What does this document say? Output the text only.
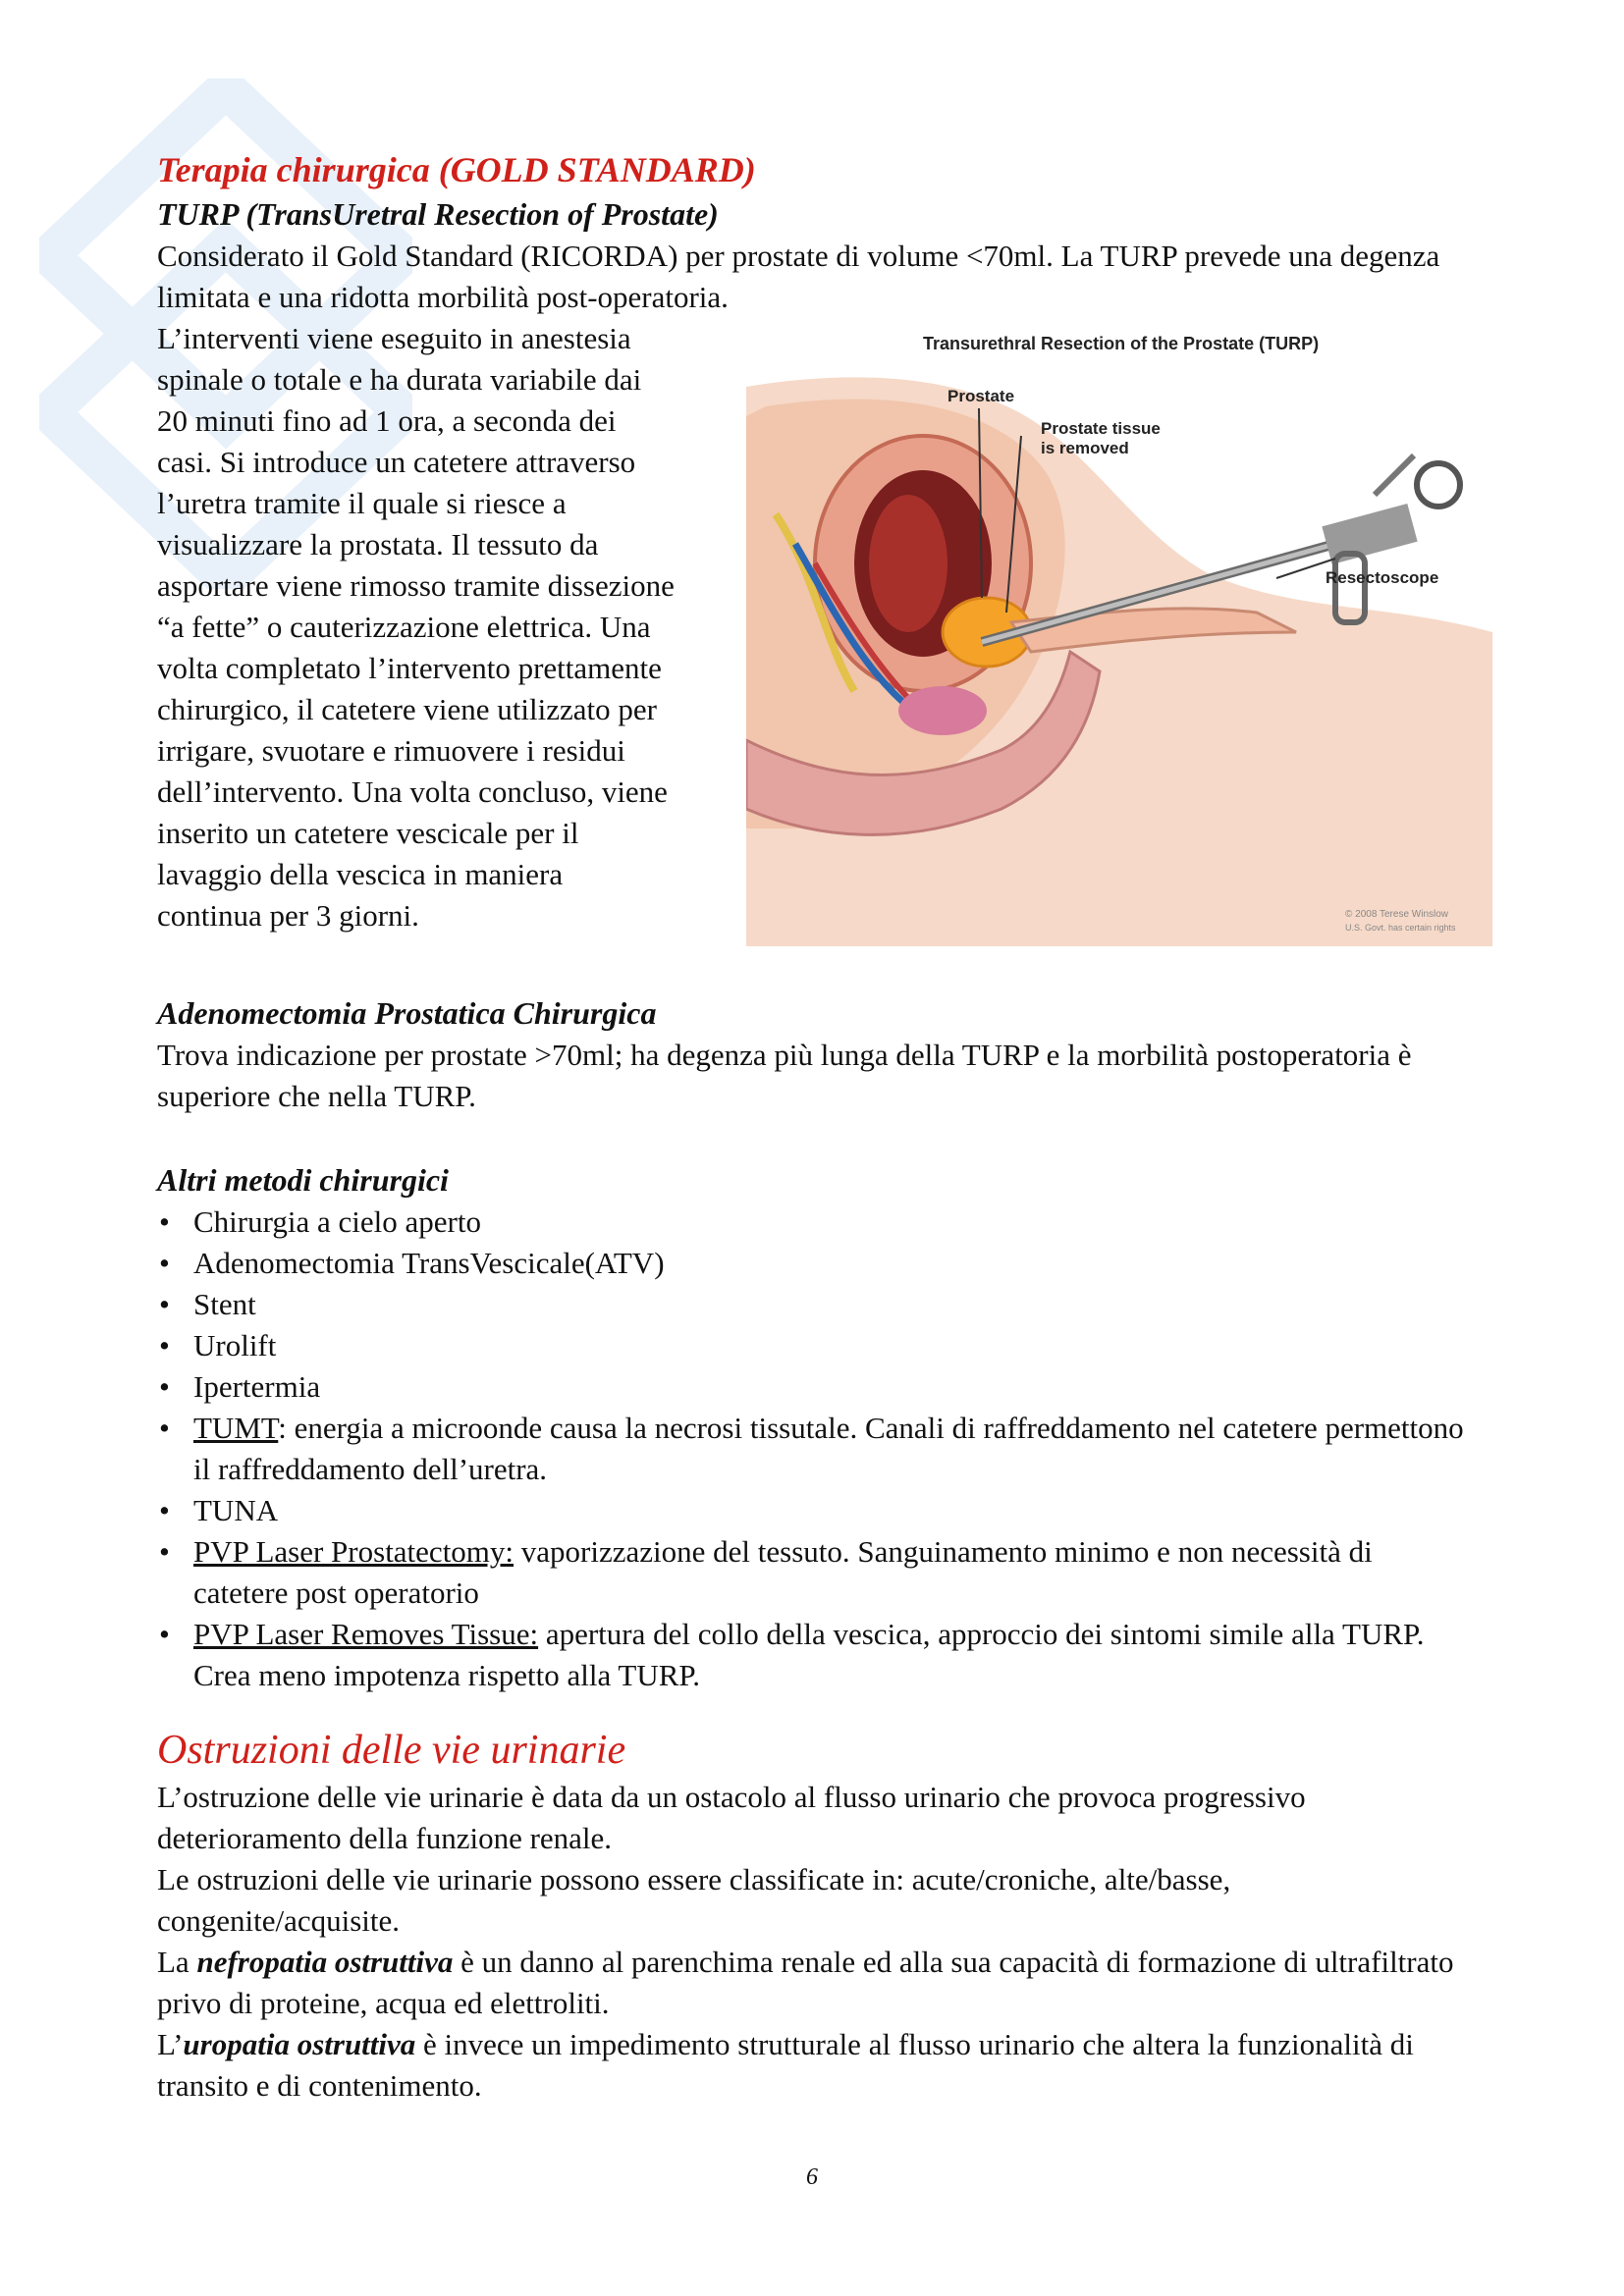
Terapia chirurgica (GOLD STANDARD)
TURP (TransUretral Resection of Prostate)

Considerato il Gold Standard (RICORDA) per prostate di volume <70ml. La TURP prevede una degenza limitata e una ridotta morbilità post-operatoria.

L’interventi viene eseguito in anestesia
spinale o totale e ha durata variabile dai
20 minuti fino ad 1 ora, a seconda dei
casi. Si introduce un catetere attraverso
l’uretra tramite il quale si riesce a
visualizzare la prostata. Il tessuto da
asportare viene rimosso tramite dissezione
“a fette” o cauterizzazione elettrica. Una
volta completato l’intervento prettamente
chirurgico, il catetere viene utilizzato per
irrigare, svuotare e rimuovere i residui
dell’intervento. Una volta concluso, viene
inserito un catetere vescicale per il
lavaggio della vescica in maniera
continua per 3 giorni.
Transurethral Resection of the Prostate (TURP)
Prostate
Prostate tissue
is removed
Resectoscope
© 2008 Terese Winslow
U.S. Govt. has certain rights
Adenomectomia Prostatica Chirurgica

Trova indicazione per prostate >70ml; ha degenza più lunga della TURP e la morbilità postoperatoria è superiore che nella TURP.

Altri metodi chirurgici
• Chirurgia a cielo aperto
• Adenomectomia TransVescicale(ATV)
• Stent
• Urolift
• Ipertermia
• TUMT: energia a microonde causa la necrosi tissutale. Canali di raffreddamento nel catetere permettono il raffreddamento dell’uretra.
• TUNA
• PVP Laser Prostatectomy: vaporizzazione del tessuto. Sanguinamento minimo e non necessità di catetere post operatorio
• PVP Laser Removes Tissue: apertura del collo della vescica, approccio dei sintomi simile alla TURP. Crea meno impotenza rispetto alla TURP.
Ostruzioni delle vie urinarie

L’ostruzione delle vie urinarie è data da un ostacolo al flusso urinario che provoca progressivo deterioramento della funzione renale.

Le ostruzioni delle vie urinarie possono essere classificate in: acute/croniche, alte/basse, congenite/acquisite.

La nefropatia ostruttiva è un danno al parenchima renale ed alla sua capacità di formazione di ultrafiltrato privo di proteine, acqua ed elettroliti.

L’uropatia ostruttiva è invece un impedimento strutturale al flusso urinario che altera la funzionalità di transito e di contenimento.

6
